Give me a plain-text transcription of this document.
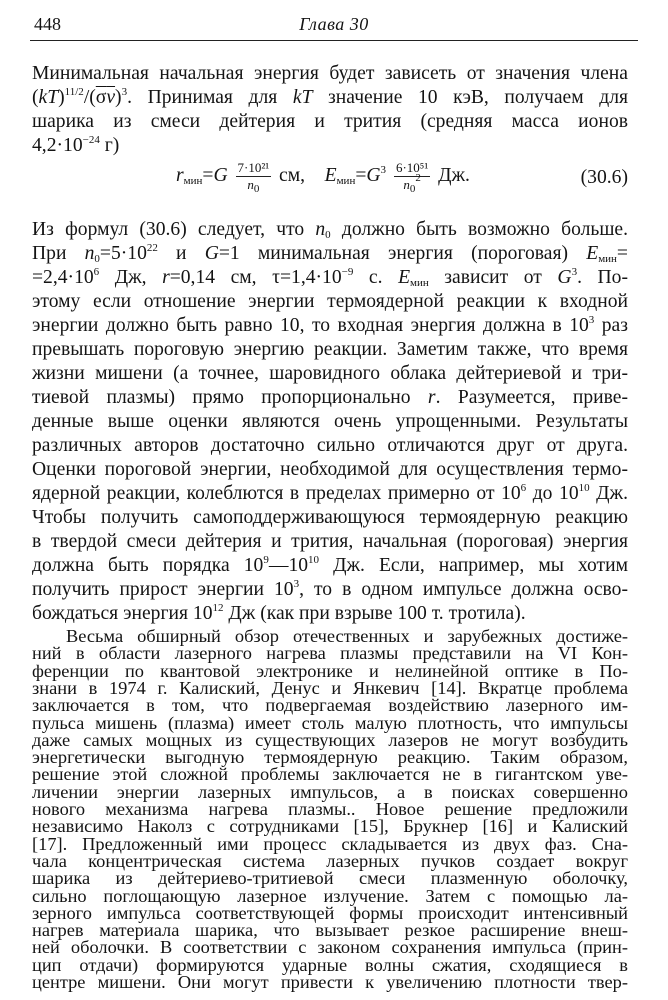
448	Глава 30
Минимальная начальная энергия будет зависеть от значения члена
$(kT)^{11/2}/(\sigma v)^3$. Принимая для kT значение 10 кэВ, получаем для
шарика из смеси дейтерия и трития (средняя масса ионов
$4,2\cdot 10^{-24}$ г)
$r_{мин}=G \frac{\text{7·10²¹}}{n_0}$ см, $E_{мин}=G^3 \frac{\text{6·10⁵¹}}{n_0^2}$ Дж.	(30.6)
Из формул (30.6) следует, что $n_0$ должно быть возможно больше.
При $n_0=5\cdot 10^{22}$ и G=1 минимальная энергия (пороговая) $E_{мин}=$
$=2,4\cdot 10^6$ Дж, r=0,14 см, $\tau=1,4\cdot 10^{-9}$ с. $E_{мин}$ зависит от $G^3$. По-
этому если отношение энергии термоядерной реакции к входной
энергии должно быть равно 10, то входная энергия должна в $10^3$ раз
превышать пороговую энергию реакции. Заметим также, что время
жизни мишени (а точнее, шаровидного облака дейтериевой и три-
тиевой плазмы) прямо пропорционально r. Разумеется, приве-
денные выше оценки являются очень упрощенными. Результаты
различных авторов достаточно сильно отличаются друг от друга.
Оценки пороговой энергии, необходимой для осуществления термо-
ядерной реакции, колеблются в пределах примерно от $10^6$ до $10^{10}$ Дж.
Чтобы получить самоподдерживающуюся термоядерную реакцию
в твердой смеси дейтерия и трития, начальная (пороговая) энергия
должна быть порядка $10^9—10^{10}$ Дж. Если, например, мы хотим
получить прирост энергии $10^3$, то в одном импульсе должна осво-
бождаться энергия $10^{12}$ Дж (как при взрыве 100 т. тротила).
Весьма обширный обзор отечественных и зарубежных достиже-
ний в области лазерного нагрева плазмы представили на VI Кон-
ференции по квантовой электронике и нелинейной оптике в По-
знани в 1974 г. Калиский, Денус и Янкевич [14]. Вкратце проблема
заключается в том, что подвергаемая воздействию лазерного им-
пульса мишень (плазма) имеет столь малую плотность, что импульсы
даже самых мощных из существующих лазеров не могут возбудить
энергетически выгодную термоядерную реакцию. Таким образом,
решение этой сложной проблемы заключается не в гигантском уве-
личении энергии лазерных импульсов, а в поисках совершенно
нового механизма нагрева плазмы.. Новое решение предложили
независимо Наколз с сотрудниками [15], Брукнер [16] и Калиский
[17]. Предложенный ими процесс складывается из двух фаз. Сна-
чала концентрическая система лазерных пучков создает вокруг
шарика из дейтериево-тритиевой смеси плазменную оболочку,
сильно поглощающую лазерное излучение. Затем с помощью ла-
зерного импульса соответствующей формы происходит интенсивный
нагрев материала шарика, что вызывает резкое расширение внеш-
ней оболочки. В соответствии с законом сохранения импульса (прин-
цип отдачи) формируются ударные волны сжатия, сходящиеся в
центре мишени. Они могут привести к увеличению плотности твер-
